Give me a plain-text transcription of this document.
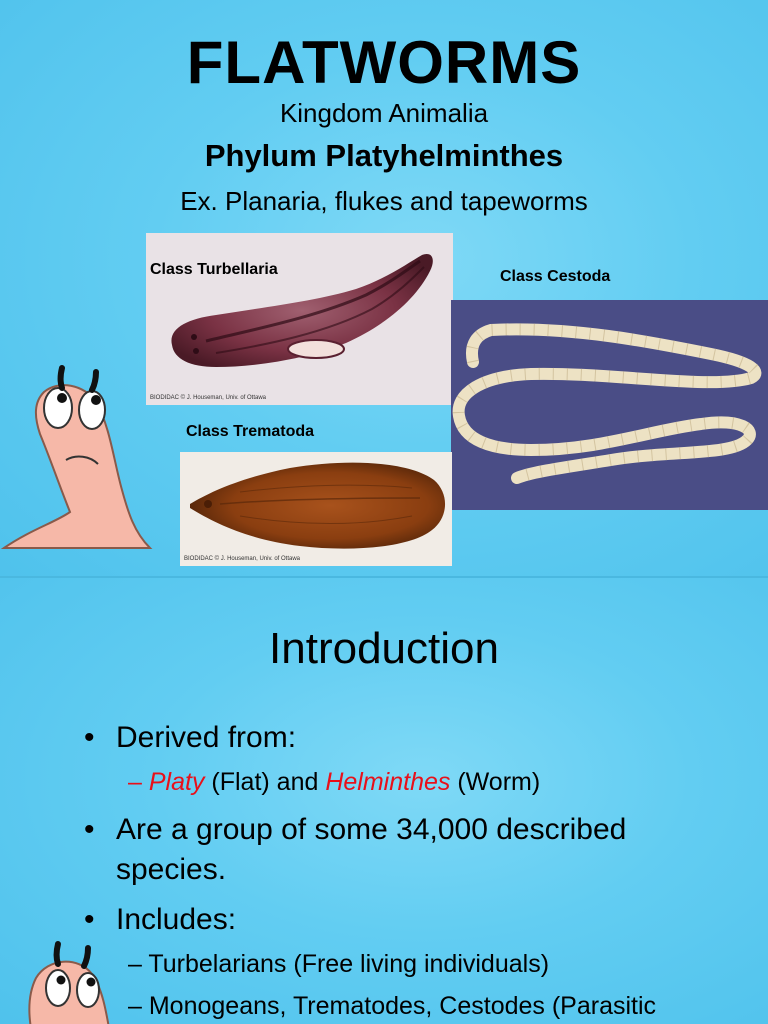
FLATWORMS
Kingdom Animalia
Phylum Platyhelminthes
Ex. Planaria, flukes and tapeworms
Class Turbellaria
BIODIDAC © J. Houseman, Univ. of Ottawa
Class Cestoda
Class Trematoda
BIODIDAC © J. Houseman, Univ. of Ottawa
Introduction
• Derived from:
– Platy (Flat) and Helminthes (Worm)
• Are a group of some 34,000 described
species.
• Includes:
– Turbelarians (Free living individuals)
– Monogeans, Trematodes, Cestodes (Parasitic
